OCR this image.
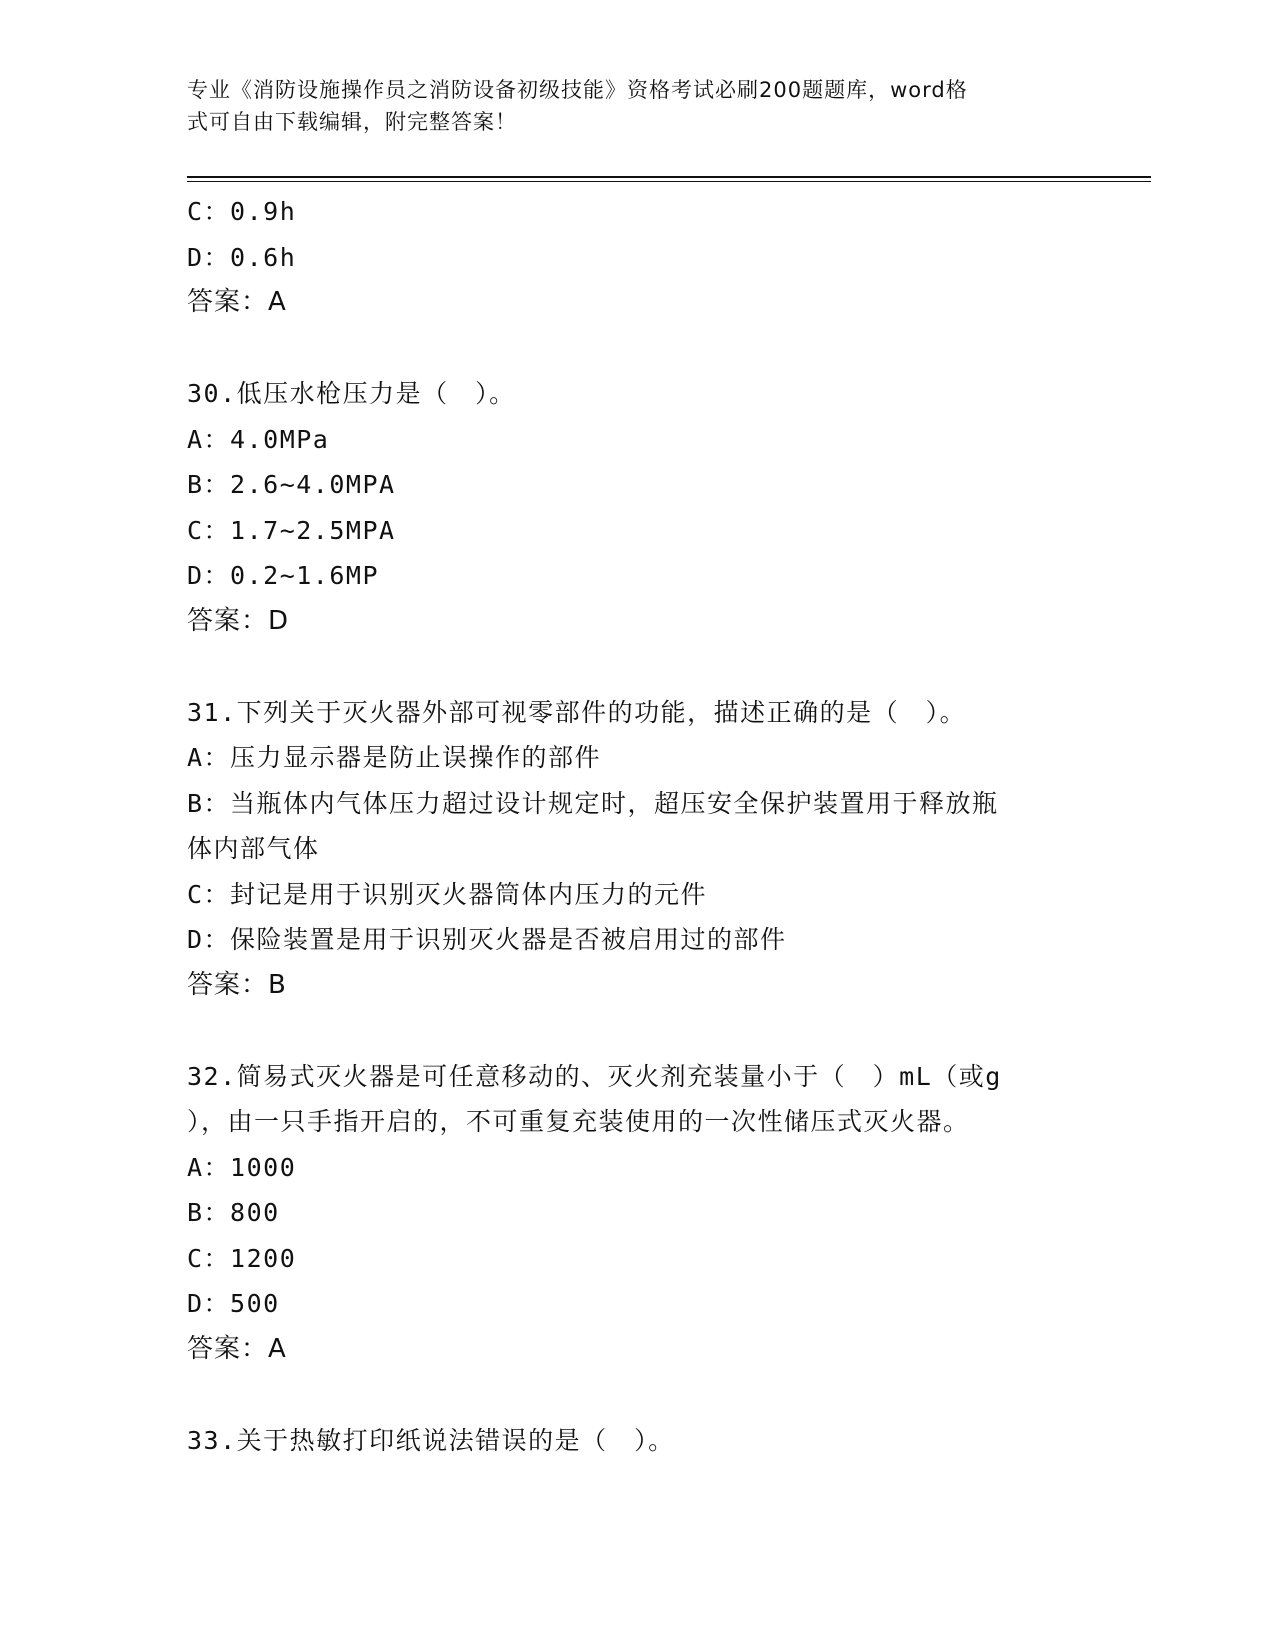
专业《消防设施操作员之消防设备初级技能》资格考试必刷200题题库，word格
式可自由下载编辑，附完整答案！
C：0.9h
D：0.6h
答案：A
30.低压水枪压力是（　）。
A：4.0MPa
B：2.6~4.0MPA
C：1.7~2.5MPA
D：0.2~1.6MP
答案：D
31.下列关于灭火器外部可视零部件的功能，描述正确的是（　）。
A：压力显示器是防止误操作的部件
B：当瓶体内气体压力超过设计规定时，超压安全保护装置用于释放瓶
体内部气体
C：封记是用于识别灭火器筒体内压力的元件
D：保险装置是用于识别灭火器是否被启用过的部件
答案：B
32.简易式灭火器是可任意移动的、灭火剂充装量小于（　）mL（或g
），由一只手指开启的，不可重复充装使用的一次性储压式灭火器。
A：1000
B：800
C：1200
D：500
答案：A
33.关于热敏打印纸说法错误的是（　）。
